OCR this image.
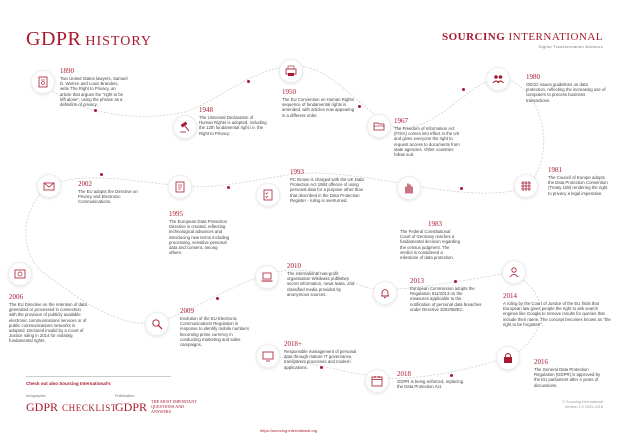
GDPR HISTORY	SOURCING INTERNATIONAL
Digital Transformation Advisors
1890
Two United States lawyers, Samuel D. Warren and Louis Brandeis, write The Right to Privacy, an article that argues the "right to be left alone", using the phrase as a definition of privacy.
1948
The Universal Declaration of Human Rights is adopted, including the 12th fundamental right i.e. the Right to Privacy.
1950
The EU Convention on Human Rights sequence of fundamental rights is amended, with articles now appearing in a different order.
1967
The Freedom of Information Act (FOIA) comes into effect in the US and gives everyone the right to request access to documents from state agencies. Other countries follow suit.
1980
OECD issues guidelines on data protection, reflecting the increasing use of computers to process business transactions.
2002
The EU adopts the Directive on Privacy and Electronic Communications.
1995
The European Data Protection Directive is created, reflecting technological advances and introducing new terms including processing, sensitive personal data and consent, among others.
1993
PC Brown is charged with the UK Data Protection Act 1984 offence of using personal data for a purpose other than that described in the Data Protection Register - ruling is overturned.
1983
The Federal Constitutional Court of Germany reaches a fundamental decision regarding the census judgment. The verdict is considered a milestone of data protection.
1981
The Council of Europe adopts the Data Protection Convention (Treaty 108) rendering the right to privacy a legal imperative.
2006
The EU Directive on the retention of data generated or processed in connection with the provision of publicly available electronic communications services or of public communications networks is adopted. Declared invalid by a Court of Justice ruling in 2014 for violating fundamental rights.
2009
Evolution of the EU Electronic Communications Regulation in response to identify mobile numbers becoming prime currency in conducting marketing and sales campaigns.
2010
The international non-profit organisation Wikileaks publishes secret information, news leaks, and classified media provided by anonymous sources.
2013
European Commission adopts the Regulation 611/2013 on the measures applicable to the notification of personal data breaches under Directive 2002/58/EC.
2014
A ruling by the Court of Justice of the EU finds that European law gives people the right to ask search engines like Google to remove results for queries that include their name. The concept becomes known as "the right to be forgotten".
2018+
Responsible management of personal data through mature IT governance, transparent processes and modern applications.
2018
GDPR is being enforced, replacing the Data Protection Act.
2016
The General Data Protection Regulation (GDPR) is approved by the EU parliament after 4 years of discussions.
Check out also Sourcing International's
Infographic
GDPR CHECKLIST
Publication
GDPR THE MOST IMPORTANT QUESTIONS AND ANSWERS
© Sourcing International
Version 1.0 2020-2018
https://sourcing-international.org
